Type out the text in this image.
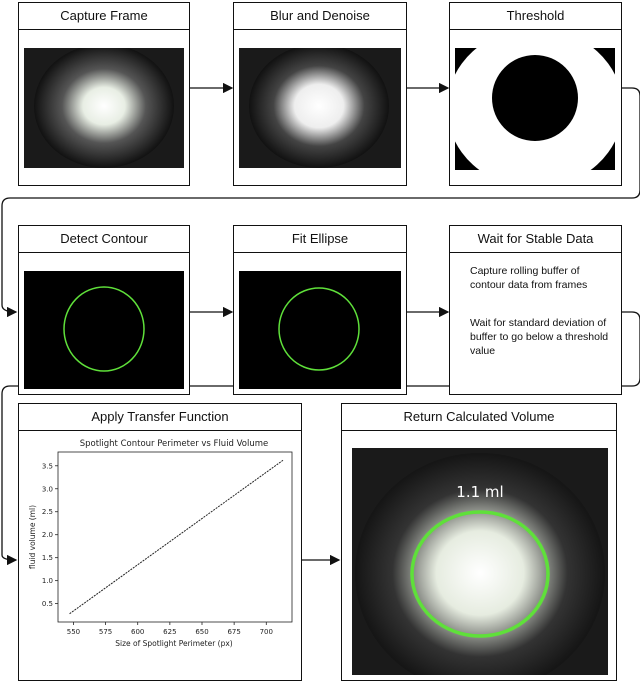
Capture Frame	Blur and Denoise	Threshold
Detect Contour	Fit Ellipse	Wait for Stable Data
Capture rolling buffer of contour data from frames
Wait for standard deviation of buffer to go below a threshold value
Apply Transfer Function
Spotlight Contour Perimeter vs Fluid Volume
Size of Spotlight Perimeter (px)
fluid volume (ml)
550	575	600	625	650	675	700
0.5
1.0
1.5
2.0
2.5
3.0
3.5
Return Calculated Volume
1.1 ml
